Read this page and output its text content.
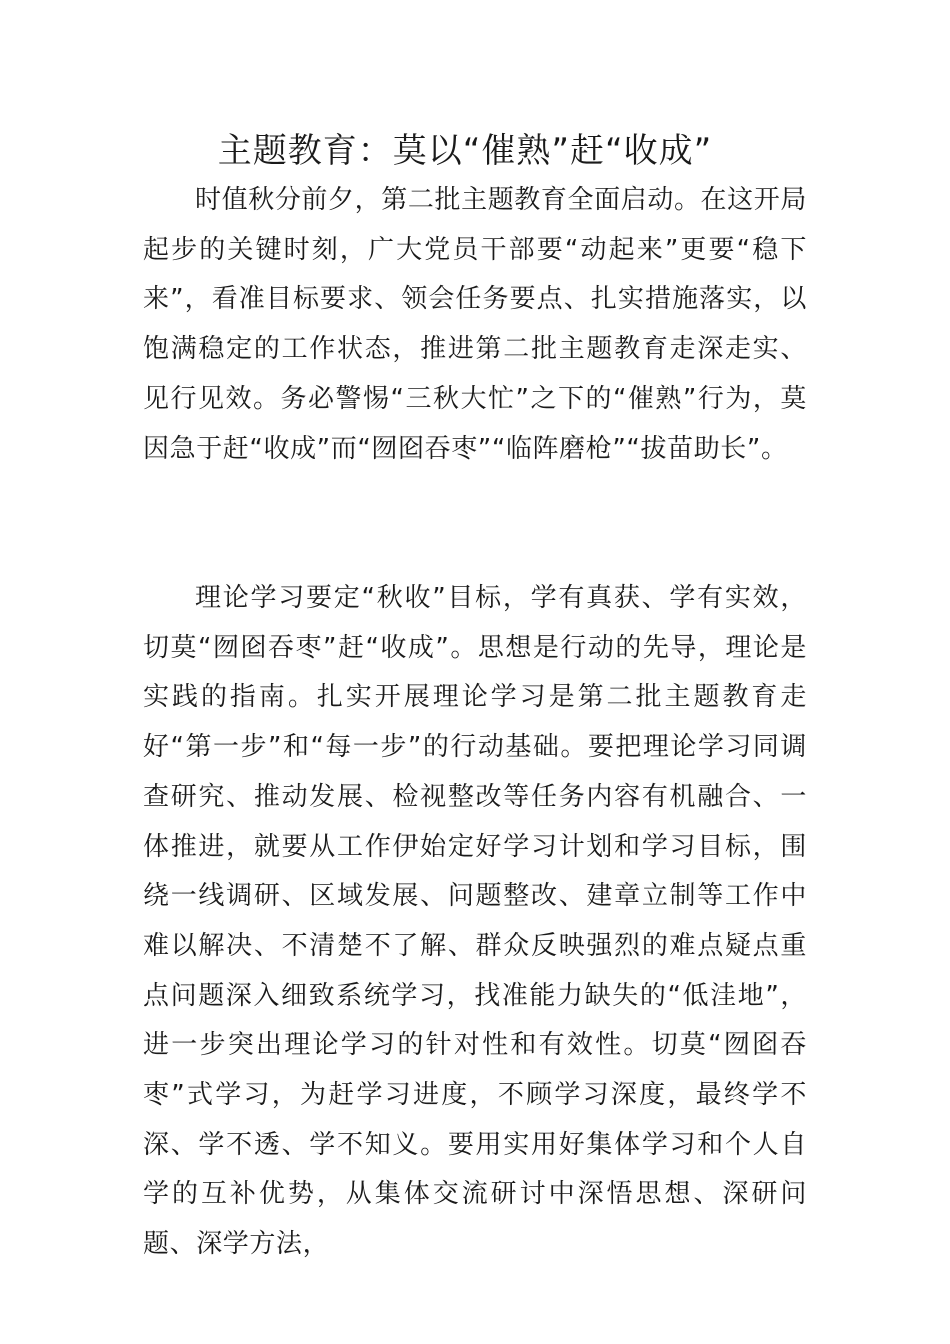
主题教育：莫以“催熟”赶“收成”

时值秋分前夕，第二批主题教育全面启动。在这开局起步的关键时刻，广大党员干部要“动起来”更要“稳下来”，看准目标要求、领会任务要点、扎实措施落实，以饱满稳定的工作状态，推进第二批主题教育走深走实、见行见效。务必警惕“三秋大忙”之下的“催熟”行为，莫因急于赶“收成”而“囫囵吞枣”“临阵磨枪”“拔苗助长”。

理论学习要定“秋收”目标，学有真获、学有实效，切莫“囫囵吞枣”赶“收成”。思想是行动的先导，理论是实践的指南。扎实开展理论学习是第二批主题教育走好“第一步”和“每一步”的行动基础。要把理论学习同调查研究、推动发展、检视整改等任务内容有机融合、一体推进，就要从工作伊始定好学习计划和学习目标，围绕一线调研、区域发展、问题整改、建章立制等工作中难以解决、不清楚不了解、群众反映强烈的难点疑点重点问题深入细致系统学习，找准能力缺失的“低洼地”，进一步突出理论学习的针对性和有效性。切莫“囫囵吞枣”式学习，为赶学习进度，不顾学习深度，最终学不深、学不透、学不知义。要用实用好集体学习和个人自学的互补优势，从集体交流研讨中深悟思想、深研问题、深学方法，
